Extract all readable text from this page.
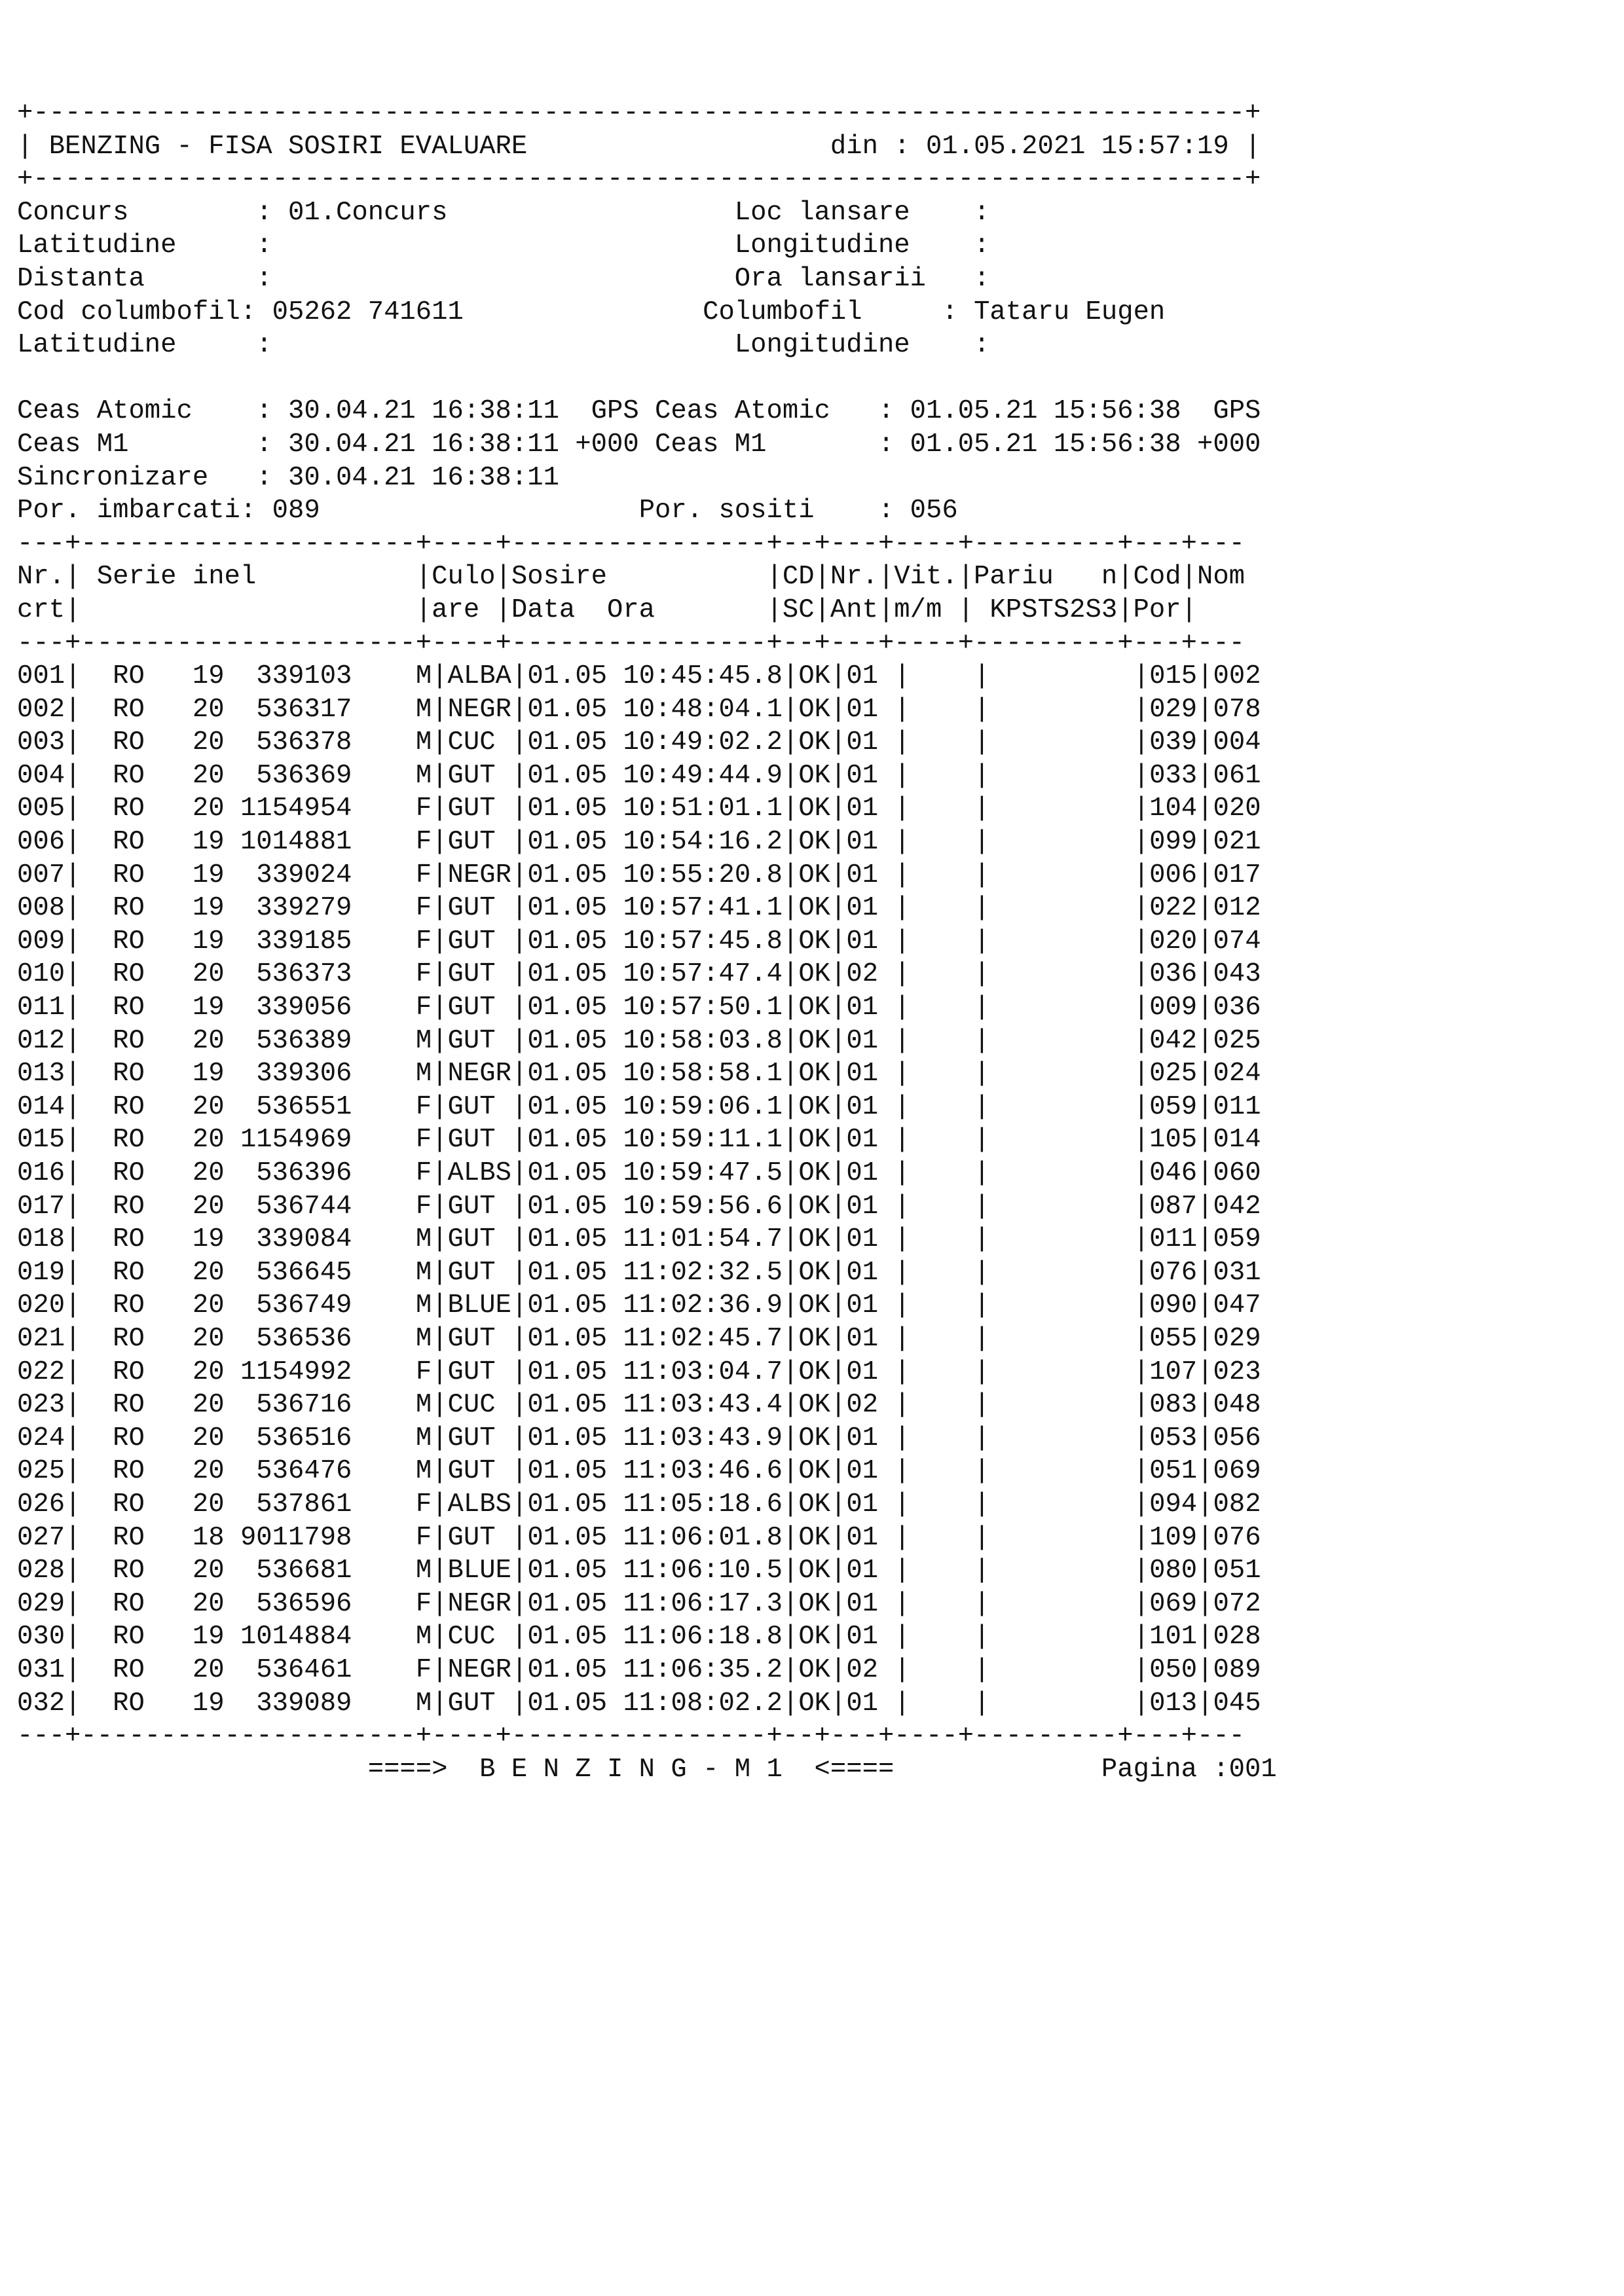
+----------------------------------------------------------------------------+
| BENZING - FISA SOSIRI EVALUARE	din : 01.05.2021 15:57:19 |
+----------------------------------------------------------------------------+
Concurs        : 01.Concurs                  Loc lansare    :
Latitudine     :	Longitudine    :
Distanta       :	Ora lansarii   :
Cod columbofil: 05262 741611               Columbofil     : Tataru Eugen
Latitudine     :	Longitudine    :

Ceas Atomic    : 30.04.21 16:38:11  GPS Ceas Atomic   : 01.05.21 15:56:38  GPS
Ceas M1        : 30.04.21 16:38:11 +000 Ceas M1       : 01.05.21 15:56:38 +000
Sincronizare   : 30.04.21 16:38:11
Por. imbarcati: 089                    Por. sositi    : 056
---+---------------------+----+----------------+--+---+----+---------+---+---
Nr.| Serie inel          |Culo|Sosire          |CD|Nr.|Vit.|Pariu   n|Cod|Nom
crt|                     |are |Data  Ora       |SC|Ant|m/m | KPSTS2S3|Por|
---+---------------------+----+----------------+--+---+----+---------+---+---
001|  RO 19  339103 M|ALBA|01.05 10:45:45.8|OK|01 | |	|015|002
002|  RO 20  536317 M|NEGR|01.05 10:48:04.1|OK|01 | |	|029|078
003|  RO 20  536378 M|CUC |01.05 10:49:02.2|OK|01 | |	|039|004
004|  RO 20  536369 M|GUT |01.05 10:49:44.9|OK|01 | |	|033|061
005|  RO 20 1154954 F|GUT |01.05 10:51:01.1|OK|01 | |	|104|020
006|  RO 19 1014881 F|GUT |01.05 10:54:16.2|OK|01 | |	|099|021
007|  RO 19  339024 F|NEGR|01.05 10:55:20.8|OK|01 | |	|006|017
008|  RO 19  339279 F|GUT |01.05 10:57:41.1|OK|01 | |	|022|012
009|  RO 19  339185 F|GUT |01.05 10:57:45.8|OK|01 | |	|020|074
010|  RO 20  536373 F|GUT |01.05 10:57:47.4|OK|02 | |	|036|043
011|  RO 19  339056 F|GUT |01.05 10:57:50.1|OK|01 | |	|009|036
012|  RO 20  536389 M|GUT |01.05 10:58:03.8|OK|01 | |	|042|025
013|  RO 19  339306 M|NEGR|01.05 10:58:58.1|OK|01 | |	|025|024
014|  RO 20  536551 F|GUT |01.05 10:59:06.1|OK|01 | |	|059|011
015|  RO 20 1154969 F|GUT |01.05 10:59:11.1|OK|01 | |	|105|014
016|  RO 20  536396 F|ALBS|01.05 10:59:47.5|OK|01 | |	|046|060
017|  RO 20  536744 F|GUT |01.05 10:59:56.6|OK|01 | |	|087|042
018|  RO 19  339084 M|GUT |01.05 11:01:54.7|OK|01 | |	|011|059
019|  RO 20  536645 M|GUT |01.05 11:02:32.5|OK|01 | |	|076|031
020|  RO 20  536749 M|BLUE|01.05 11:02:36.9|OK|01 | |	|090|047
021|  RO 20  536536 M|GUT |01.05 11:02:45.7|OK|01 | |	|055|029
022|  RO 20 1154992 F|GUT |01.05 11:03:04.7|OK|01 | |	|107|023
023|  RO 20  536716 M|CUC |01.05 11:03:43.4|OK|02 | |	|083|048
024|  RO 20  536516 M|GUT |01.05 11:03:43.9|OK|01 | |	|053|056
025|  RO 20  536476 M|GUT |01.05 11:03:46.6|OK|01 | |	|051|069
026|  RO 20  537861 F|ALBS|01.05 11:05:18.6|OK|01 | |	|094|082
027|  RO 18 9011798 F|GUT |01.05 11:06:01.8|OK|01 | |	|109|076
028|  RO 20  536681 M|BLUE|01.05 11:06:10.5|OK|01 | |	|080|051
029|  RO 20  536596 F|NEGR|01.05 11:06:17.3|OK|01 | |	|069|072
030|  RO 19 1014884 M|CUC |01.05 11:06:18.8|OK|01 | |	|101|028
031|  RO 20  536461 F|NEGR|01.05 11:06:35.2|OK|02 | |	|050|089
032|  RO 19  339089 M|GUT |01.05 11:08:02.2|OK|01 | |	|013|045
---+---------------------+----+----------------+--+---+----+---------+---+---
====>  B E N Z I N G - M 1  <====	Pagina :001
